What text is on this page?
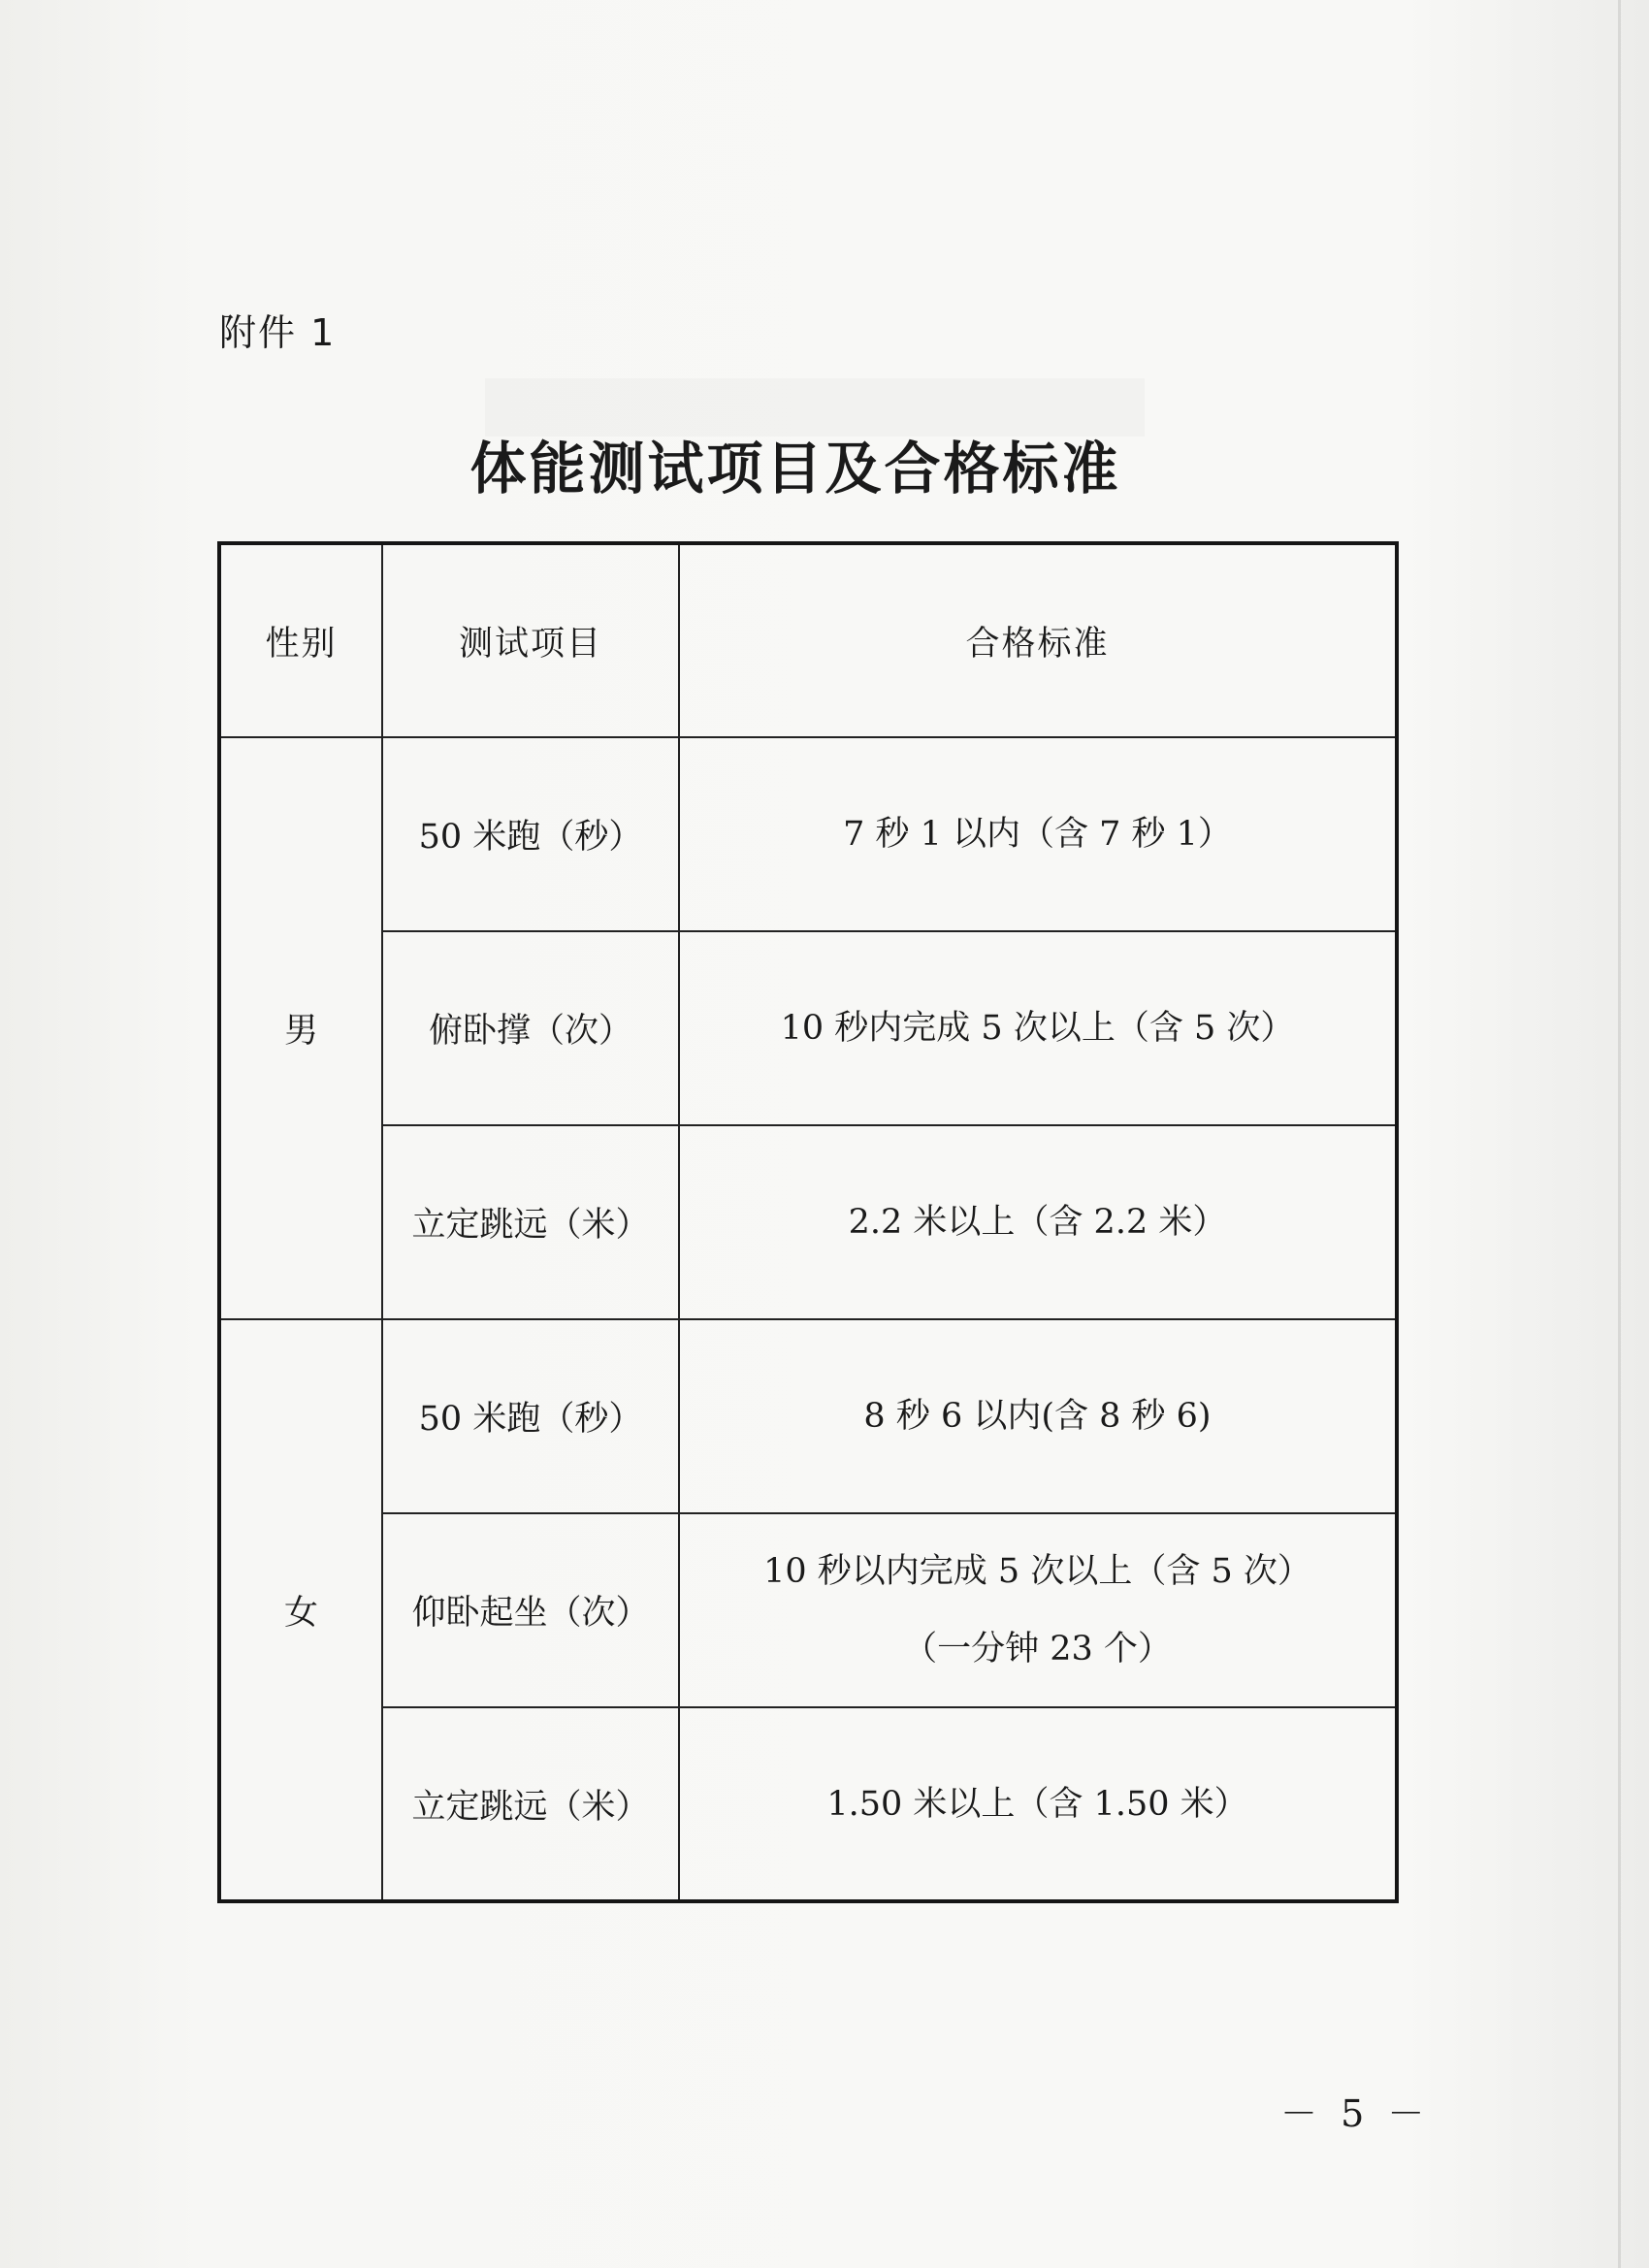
附件 1
体能测试项目及合格标准
性别	测试项目	合格标准
男	50 米跑（秒）	7 秒 1 以内（含 7 秒 1）

	俯卧撑（次）	10 秒内完成 5 次以上（含 5 次）

	立定跳远（米）	2.2 米以上（含 2.2 米）

女	50 米跑（秒）	8 秒 6 以内(含 8 秒 6)

	仰卧起坐（次）	10 秒以内完成 5 次以上（含 5 次）
（一分钟 23 个）

	立定跳远（米）	1.50 米以上（含 1.50 米）
－ 5 －
